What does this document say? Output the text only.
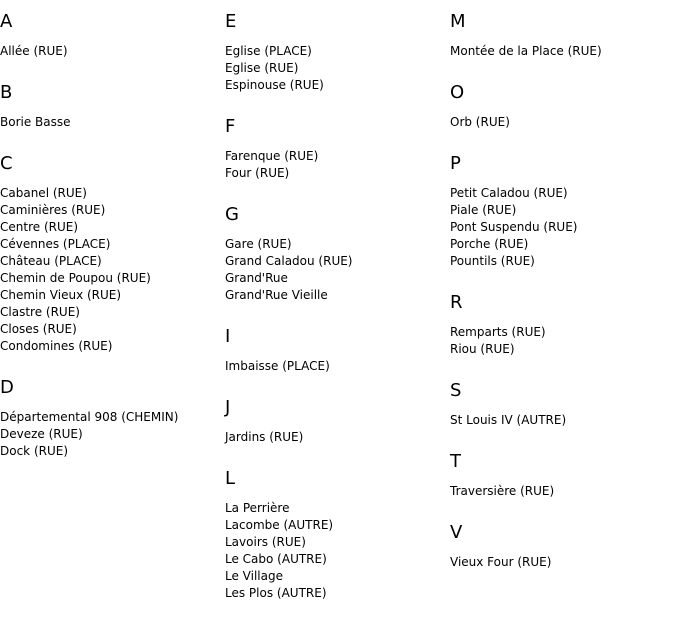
A
Allée (RUE)
B
Borie Basse
C
Cabanel (RUE)
Caminières (RUE)
Centre (RUE)
Cévennes (PLACE)
Château (PLACE)
Chemin de Poupou (RUE)
Chemin Vieux (RUE)
Clastre (RUE)
Closes (RUE)
Condomines (RUE)
D
Départemental 908 (CHEMIN)
Deveze (RUE)
Dock (RUE)
E
Eglise (PLACE)
Eglise (RUE)
Espinouse (RUE)
F
Farenque (RUE)
Four (RUE)
G
Gare (RUE)
Grand Caladou (RUE)
Grand'Rue
Grand'Rue Vieille
I
Imbaisse (PLACE)
J
Jardins (RUE)
L
La Perrière
Lacombe (AUTRE)
Lavoirs (RUE)
Le Cabo (AUTRE)
Le Village
Les Plos (AUTRE)
M
Montée de la Place (RUE)
O
Orb (RUE)
P
Petit Caladou (RUE)
Piale (RUE)
Pont Suspendu (RUE)
Porche (RUE)
Pountils (RUE)
R
Remparts (RUE)
Riou (RUE)
S
St Louis IV (AUTRE)
T
Traversière (RUE)
V
Vieux Four (RUE)
